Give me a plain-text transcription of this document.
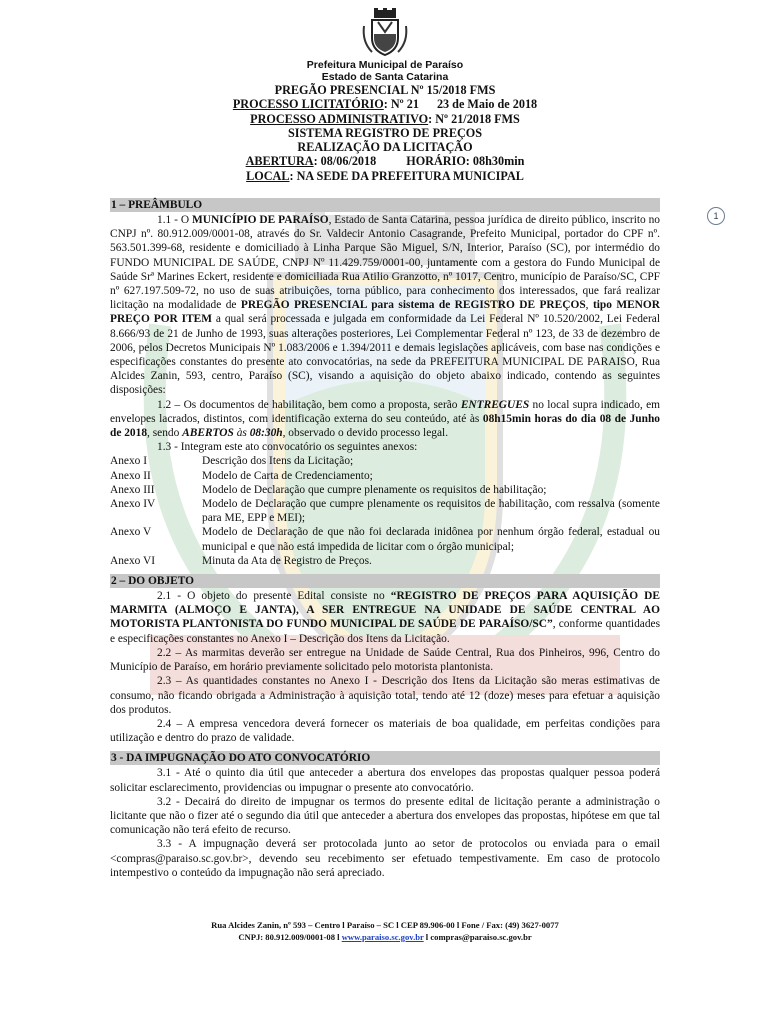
1
Prefeitura Municipal de Paraíso
Estado de Santa Catarina
PREGÃO PRESENCIAL Nº 15/2018 FMS
PROCESSO LICITATÓRIO: Nº 21 23 de Maio de 2018
PROCESSO ADMINISTRATIVO: Nº 21/2018 FMS
SISTEMA REGISTRO DE PREÇOS
REALIZAÇÃO DA LICITAÇÃO
ABERTURA: 08/06/2018 HORÁRIO: 08h30min
LOCAL: NA SEDE DA PREFEITURA MUNICIPAL
1 – PREÂMBULO

1.1 - O MUNICÍPIO DE PARAÍSO, Estado de Santa Catarina, pessoa jurídica de direito público, inscrito no CNPJ nº. 80.912.009/0001-08, através do Sr. Valdecir Antonio Casagrande, Prefeito Municipal, portador do CPF nº. 563.501.399-68, residente e domiciliado à Linha Parque São Miguel, S/N, Interior, Paraíso (SC), por intermédio do FUNDO MUNICIPAL DE SAÚDE, CNPJ Nº 11.429.759/0001-00, juntamente com a gestora do Fundo Municipal de Saúde Srª Marines Eckert, residente e domiciliada Rua Atilio Granzotto, nº 1017, Centro, município de Paraíso/SC, CPF nº 627.197.509-72, no uso de suas atribuições, torna público, para conhecimento dos interessados, que fará realizar licitação na modalidade de PREGÃO PRESENCIAL para sistema de REGISTRO DE PREÇOS, tipo MENOR PREÇO POR ITEM a qual será processada e julgada em conformidade da Lei Federal Nº 10.520/2002, Lei Federal 8.666/93 de 21 de Junho de 1993, suas alterações posteriores, Lei Complementar Federal nº 123, de 33 de dezembro de 2006, pelos Decretos Municipais Nº 1.083/2006 e 1.394/2011 e demais legislações aplicáveis, com base nas condições e especificações constantes do presente ato convocatórias, na sede da PREFEITURA MUNICIPAL DE PARAISO, Rua Alcides Zanin, 593, centro, Paraíso (SC), visando a aquisição do objeto abaixo indicado, contendo as seguintes disposições:

1.2 – Os documentos de habilitação, bem como a proposta, serão ENTREGUES no local supra indicado, em envelopes lacrados, distintos, com identificação externa do seu conteúdo, até às 08h15min horas do dia 08 de Junho de 2018, sendo ABERTOS às 08:30h, observado o devido processo legal.

1.3 - Integram este ato convocatório os seguintes anexos:

Anexo I	Descrição dos Itens da Licitação;
Anexo II	Modelo de Carta de Credenciamento;
Anexo III	Modelo de Declaração que cumpre plenamente os requisitos de habilitação;
Anexo IV	Modelo de Declaração que cumpre plenamente os requisitos de habilitação, com ressalva (somente para ME, EPP e MEI);
Anexo V	Modelo de Declaração de que não foi declarada inidônea por nenhum órgão federal, estadual ou municipal e que não está impedida de licitar com o órgão municipal;
Anexo VI	Minuta da Ata de Registro de Preços.
2 – DO OBJETO

2.1 - O objeto do presente Edital consiste no “REGISTRO DE PREÇOS PARA AQUISIÇÃO DE MARMITA (ALMOÇO E JANTA), A SER ENTREGUE NA UNIDADE DE SAÚDE CENTRAL AO MOTORISTA PLANTONISTA DO FUNDO MUNICIPAL DE SAÚDE DE PARAÍSO/SC”, conforme quantidades e especificações constantes no Anexo I – Descrição dos Itens da Licitação.

2.2 – As marmitas deverão ser entregue na Unidade de Saúde Central, Rua dos Pinheiros, 996, Centro do Município de Paraíso, em horário previamente solicitado pelo motorista plantonista.

2.3 – As quantidades constantes no Anexo I - Descrição dos Itens da Licitação são meras estimativas de consumo, não ficando obrigada a Administração à aquisição total, tendo até 12 (doze) meses para efetuar a aquisição dos produtos.

2.4 – A empresa vencedora deverá fornecer os materiais de boa qualidade, em perfeitas condições para utilização e dentro do prazo de validade.

3 - DA IMPUGNAÇÃO DO ATO CONVOCATÓRIO

3.1 - Até o quinto dia útil que anteceder a abertura dos envelopes das propostas qualquer pessoa poderá solicitar esclarecimento, providencias ou impugnar o presente ato convocatório.

3.2 - Decairá do direito de impugnar os termos do presente edital de licitação perante a administração o licitante que não o fizer até o segundo dia útil que anteceder a abertura dos envelopes das propostas, hipótese em que tal comunicação não terá efeito de recurso.

3.3 - A impugnação deverá ser protocolada junto ao setor de protocolos ou enviada para o email <compras@paraiso.sc.gov.br>, devendo seu recebimento ser efetuado tempestivamente. Em caso de protocolo intempestivo o conteúdo da impugnação não será apreciado.

Rua Alcides Zanin, nº 593 – Centro l Paraíso – SC l CEP 89.906-00 l Fone / Fax: (49) 3627-0077
CNPJ: 80.912.009/0001-08 l www.paraiso.sc.gov.br l compras@paraiso.sc.gov.br
